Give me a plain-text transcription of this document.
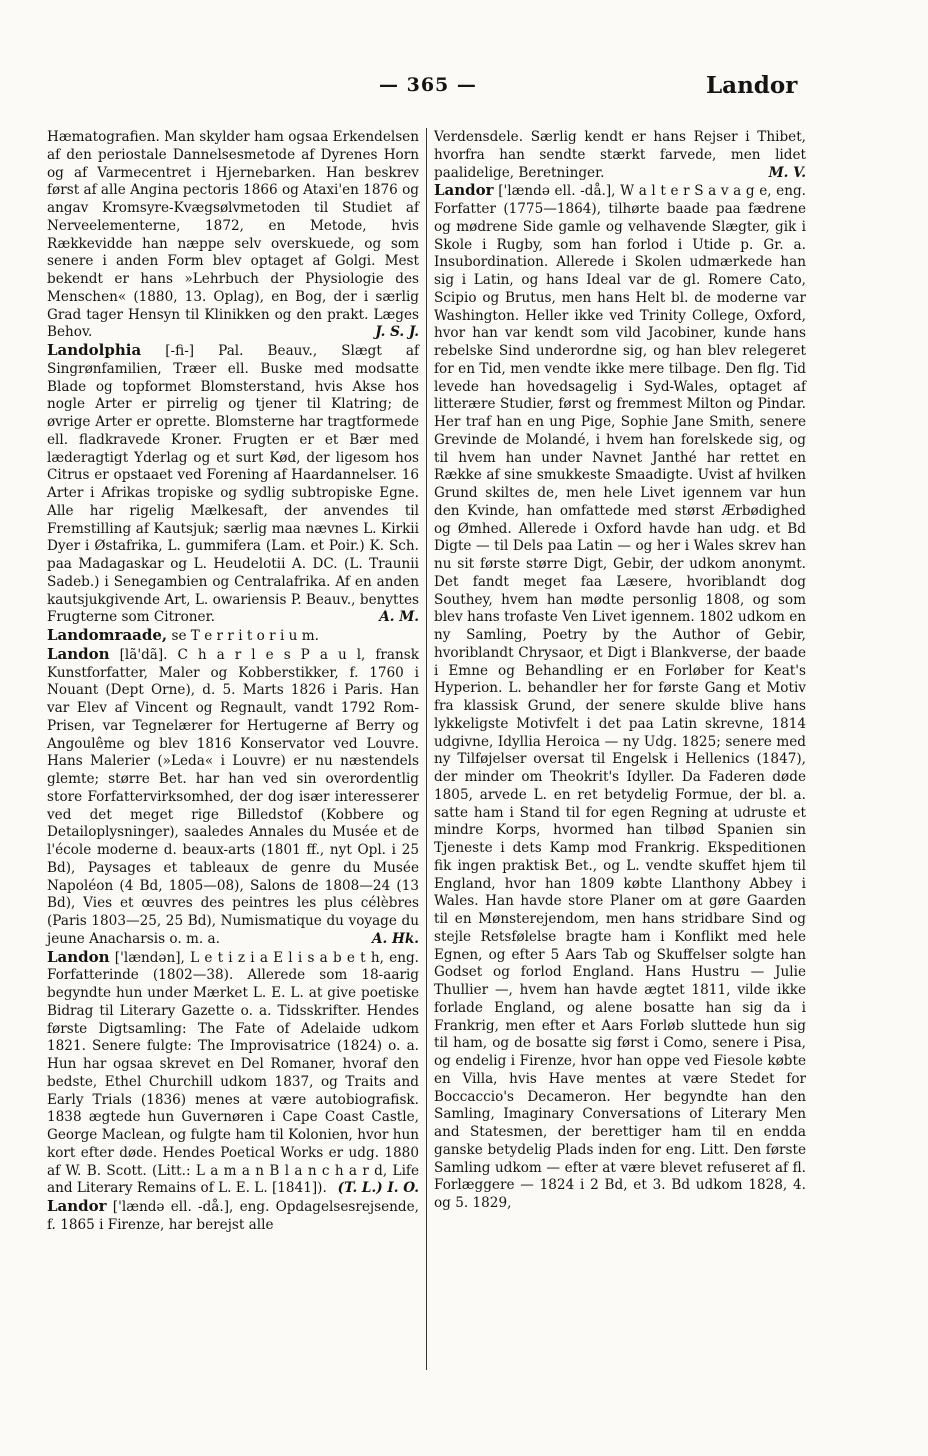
— 365 —	Landor

Hæmatografien. Man skylder ham ogsaa Erkendelsen af den periostale Dannelsesmetode af Dyrenes Horn og af Varmecentret i Hjernebarken. Han beskrev først af alle Angina pectoris 1866 og Ataxi'en 1876 og angav Kromsyre-Kvægsølvmetoden til Studiet af Nerveelementerne, 1872, en Metode, hvis Rækkevidde han næppe selv overskuede, og som senere i anden Form blev optaget af Golgi. Mest bekendt er hans »Lehrbuch der Physiologie des Menschen« (1880, 13. Oplag), en Bog, der i særlig Grad tager Hensyn til Klinikken og den prakt. Læges Behov.	J. S. J.

Landolphia [-fi-] Pal. Beauv., Slægt af Singrønfamilien, Træer ell. Buske med modsatte Blade og topformet Blomsterstand, hvis Akse hos nogle Arter er pirrelig og tjener til Klatring; de øvrige Arter er oprette. Blomsterne har tragtformede ell. fladkravede Kroner. Frugten er et Bær med læderagtigt Yderlag og et surt Kød, der ligesom hos Citrus er opstaaet ved Forening af Haardannelser. 16 Arter i Afrikas tropiske og sydlig subtropiske Egne. Alle har rigelig Mælkesaft, der anvendes til Fremstilling af Kautsjuk; særlig maa nævnes L. Kirkii Dyer i Østafrika, L. gummifera (Lam. et Poir.) K. Sch. paa Madagaskar og L. Heudelotii A. DC. (L. Traunii Sadeb.) i Senegambien og Centralafrika. Af en anden kautsjukgivende Art, L. owariensis P. Beauv., benyttes Frugterne som Citroner.	A. M.

Landomraade, se T e r r i t o r i u m.

Landon [lã'dã]. C h a r l e s P a u l, fransk Kunstforfatter, Maler og Kobberstikker, f. 1760 i Nouant (Dept Orne), d. 5. Marts 1826 i Paris. Han var Elev af Vincent og Regnault, vandt 1792 Rom-Prisen, var Tegnelærer for Hertugerne af Berry og Angoulême og blev 1816 Konservator ved Louvre. Hans Malerier (»Leda« i Louvre) er nu næstendels glemte; større Bet. har han ved sin overordentlig store Forfattervirksomhed, der dog især interesserer ved det meget rige Billedstof (Kobbere og Detailoplysninger), saaledes Annales du Musée et de l'école moderne d. beaux-arts (1801 ff., nyt Opl. i 25 Bd), Paysages et tableaux de genre du Musée Napoléon (4 Bd, 1805—08), Salons de 1808—24 (13 Bd), Vies et œuvres des peintres les plus célèbres (Paris 1803—25, 25 Bd), Numismatique du voyage du jeune Anacharsis o. m. a.	A. Hk.

Landon ['lændən], L e t i z i a E l i s a b e t h, eng. Forfatterinde (1802—38). Allerede som 18-aarig begyndte hun under Mærket L. E. L. at give poetiske Bidrag til Literary Gazette o. a. Tidsskrifter. Hendes første Digtsamling: The Fate of Adelaide udkom 1821. Senere fulgte: The Improvisatrice (1824) o. a. Hun har ogsaa skrevet en Del Romaner, hvoraf den bedste, Ethel Churchill udkom 1837, og Traits and Early Trials (1836) menes at være autobiografisk. 1838 ægtede hun Guvernøren i Cape Coast Castle, George Maclean, og fulgte ham til Kolonien, hvor hun kort efter døde. Hendes Poetical Works er udg. 1880 af W. B. Scott. (Litt.: L a m a n B l a n c h a r d, Life and Literary Remains of L. E. L. [1841]). (T. L.) I. O.

Landor ['lændə ell. -då.], eng. Opdagelsesrejsende, f. 1865 i Firenze, har berejst alle

Verdensdele. Særlig kendt er hans Rejser i Thibet, hvorfra han sendte stærkt farvede, men lidet paalidelige, Beretninger.	M. V.

Landor ['lændə ell. -då.], W a l t e r S a v a g e, eng. Forfatter (1775—1864), tilhørte baade paa fædrene og mødrene Side gamle og velhavende Slægter, gik i Skole i Rugby, som han forlod i Utide p. Gr. a. Insubordination. Allerede i Skolen udmærkede han sig i Latin, og hans Ideal var de gl. Romere Cato, Scipio og Brutus, men hans Helt bl. de moderne var Washington. Heller ikke ved Trinity College, Oxford, hvor han var kendt som vild Jacobiner, kunde hans rebelske Sind underordne sig, og han blev relegeret for en Tid, men vendte ikke mere tilbage. Den flg. Tid levede han hovedsagelig i Syd-Wales, optaget af litterære Studier, først og fremmest Milton og Pindar. Her traf han en ung Pige, Sophie Jane Smith, senere Grevinde de Molandé, i hvem han forelskede sig, og til hvem han under Navnet Janthé har rettet en Række af sine smukkeste Smaadigte. Uvist af hvilken Grund skiltes de, men hele Livet igennem var hun den Kvinde, han omfattede med størst Ærbødighed og Ømhed. Allerede i Oxford havde han udg. et Bd Digte — til Dels paa Latin — og her i Wales skrev han nu sit første større Digt, Gebir, der udkom anonymt. Det fandt meget faa Læsere, hvoriblandt dog Southey, hvem han mødte personlig 1808, og som blev hans trofaste Ven Livet igennem. 1802 udkom en ny Samling, Poetry by the Author of Gebir, hvoriblandt Chrysaor, et Digt i Blankverse, der baade i Emne og Behandling er en Forløber for Keat's Hyperion. L. behandler her for første Gang et Motiv fra klassisk Grund, der senere skulde blive hans lykkeligste Motivfelt i det paa Latin skrevne, 1814 udgivne, Idyllia Heroica — ny Udg. 1825; senere med ny Tilføjelser oversat til Engelsk i Hellenics (1847), der minder om Theokrit's Idyller. Da Faderen døde 1805, arvede L. en ret betydelig Formue, der bl. a. satte ham i Stand til for egen Regning at udruste et mindre Korps, hvormed han tilbød Spanien sin Tjeneste i dets Kamp mod Frankrig. Ekspeditionen fik ingen praktisk Bet., og L. vendte skuffet hjem til England, hvor han 1809 købte Llanthony Abbey i Wales. Han havde store Planer om at gøre Gaarden til en Mønsterejendom, men hans stridbare Sind og stejle Retsfølelse bragte ham i Konflikt med hele Egnen, og efter 5 Aars Tab og Skuffelser solgte han Godset og forlod England. Hans Hustru — Julie Thullier —, hvem han havde ægtet 1811, vilde ikke forlade England, og alene bosatte han sig da i Frankrig, men efter et Aars Forløb sluttede hun sig til ham, og de bosatte sig først i Como, senere i Pisa, og endelig i Firenze, hvor han oppe ved Fiesole købte en Villa, hvis Have mentes at være Stedet for Boccaccio's Decameron. Her begyndte han den Samling, Imaginary Conversations of Literary Men and Statesmen, der berettiger ham til en endda ganske betydelig Plads inden for eng. Litt. Den første Samling udkom — efter at være blevet refuseret af fl. Forlæggere — 1824 i 2 Bd, et 3. Bd udkom 1828, 4. og 5. 1829,
